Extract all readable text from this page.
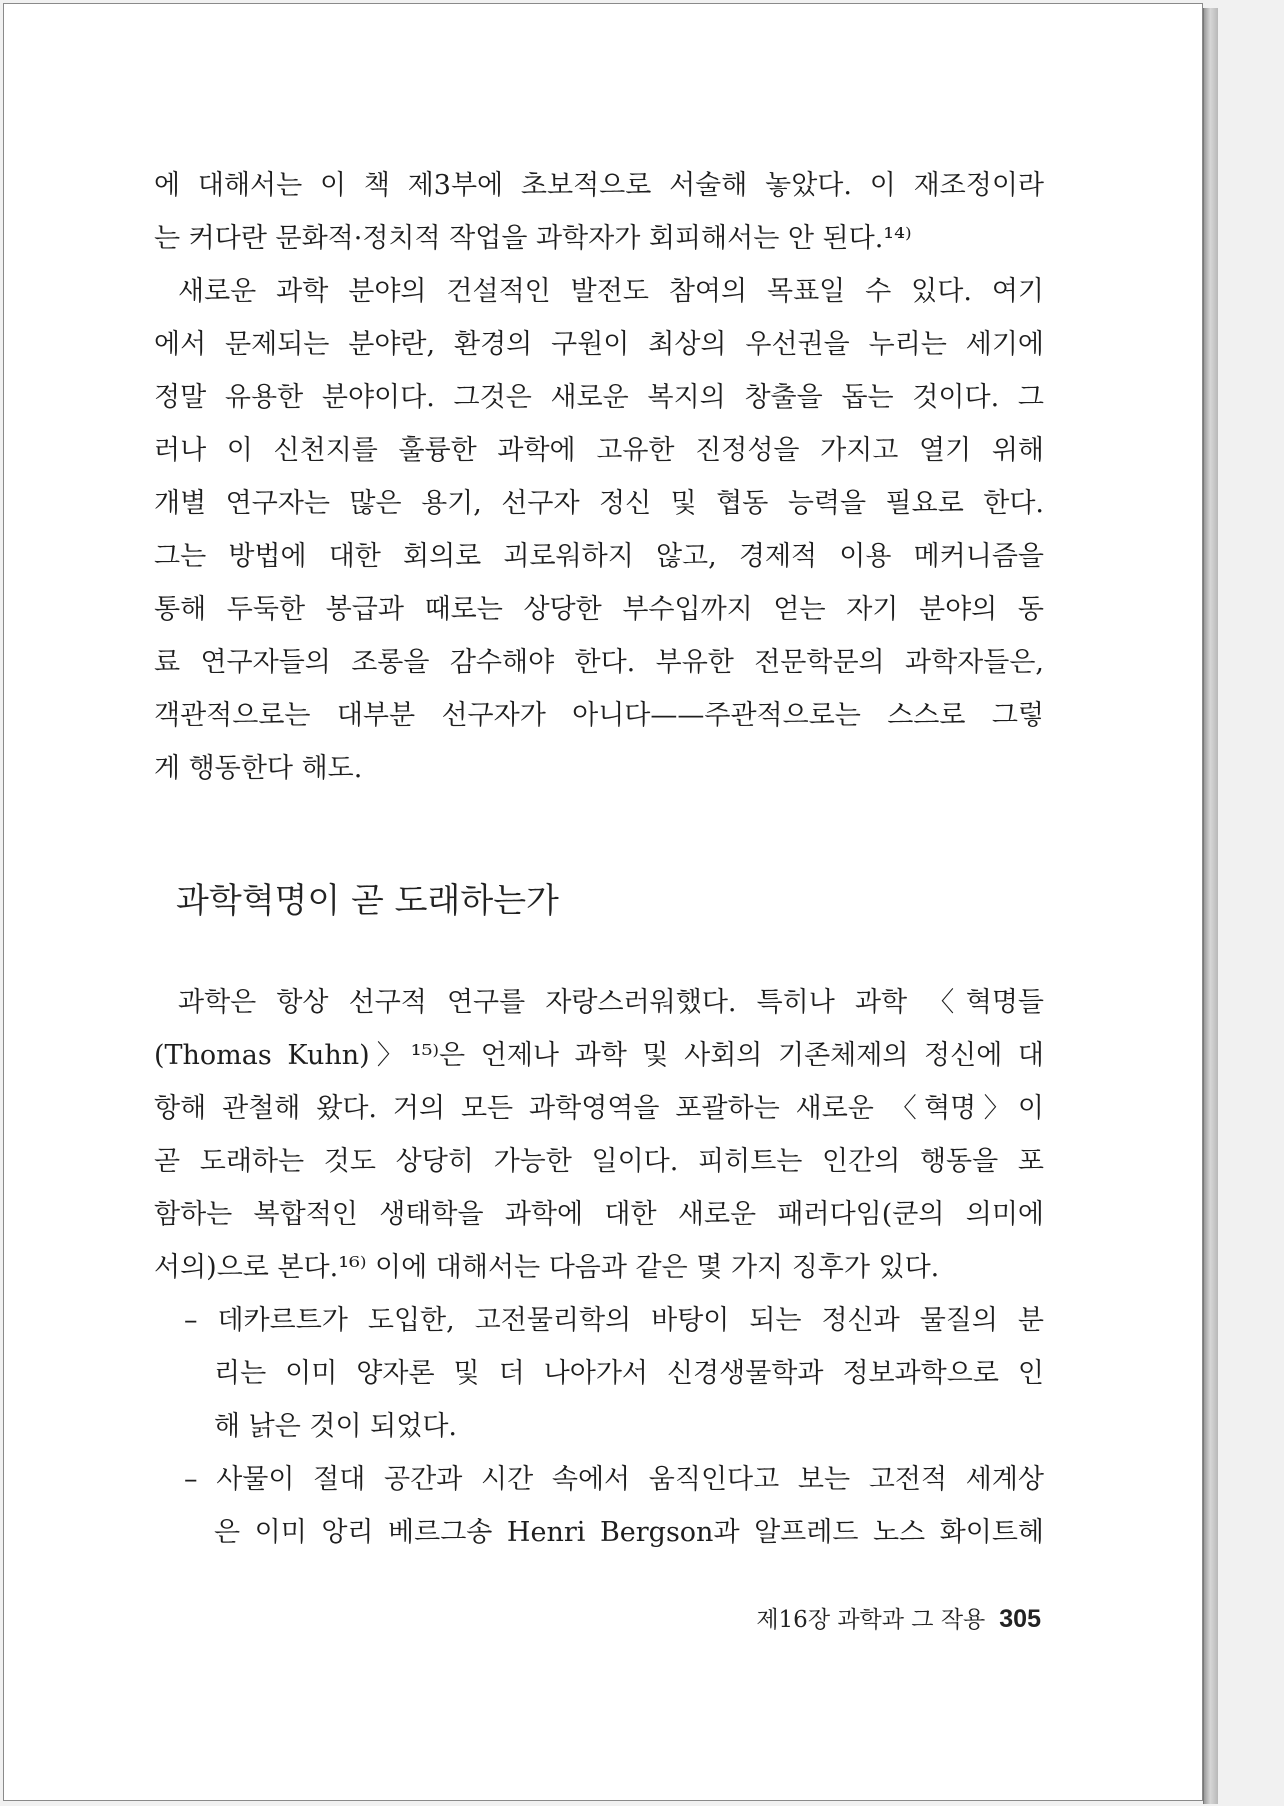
에 대해서는 이 책 제3부에 초보적으로 서술해 놓았다. 이 재조정이라
는 커다란 문화적·정치적 작업을 과학자가 회피해서는 안 된다.¹⁴⁾
새로운 과학 분야의 건설적인 발전도 참여의 목표일 수 있다. 여기
에서 문제되는 분야란, 환경의 구원이 최상의 우선권을 누리는 세기에
정말 유용한 분야이다. 그것은 새로운 복지의 창출을 돕는 것이다. 그
러나 이 신천지를 훌륭한 과학에 고유한 진정성을 가지고 열기 위해
개별 연구자는 많은 용기, 선구자 정신 및 협동 능력을 필요로 한다.
그는 방법에 대한 회의로 괴로워하지 않고, 경제적 이용 메커니즘을
통해 두둑한 봉급과 때로는 상당한 부수입까지 얻는 자기 분야의 동
료 연구자들의 조롱을 감수해야 한다. 부유한 전문학문의 과학자들은,
객관적으로는 대부분 선구자가 아니다——주관적으로는 스스로 그렇
게 행동한다 해도.
과학혁명이 곧 도래하는가
과학은 항상 선구적 연구를 자랑스러워했다. 특히나 과학 〈혁명들
(Thomas Kuhn)〉¹⁵⁾은 언제나 과학 및 사회의 기존체제의 정신에 대
항해 관철해 왔다. 거의 모든 과학영역을 포괄하는 새로운 〈혁명〉이
곧 도래하는 것도 상당히 가능한 일이다. 피히트는 인간의 행동을 포
함하는 복합적인 생태학을 과학에 대한 새로운 패러다임(쿤의 의미에
서의)으로 본다.¹⁶⁾ 이에 대해서는 다음과 같은 몇 가지 징후가 있다.
– 데카르트가 도입한, 고전물리학의 바탕이 되는 정신과 물질의 분
리는 이미 양자론 및 더 나아가서 신경생물학과 정보과학으로 인
해 낡은 것이 되었다.
– 사물이 절대 공간과 시간 속에서 움직인다고 보는 고전적 세계상
은 이미 앙리 베르그송 Henri Bergson과 알프레드 노스 화이트헤
제16장 과학과 그 작용 305
